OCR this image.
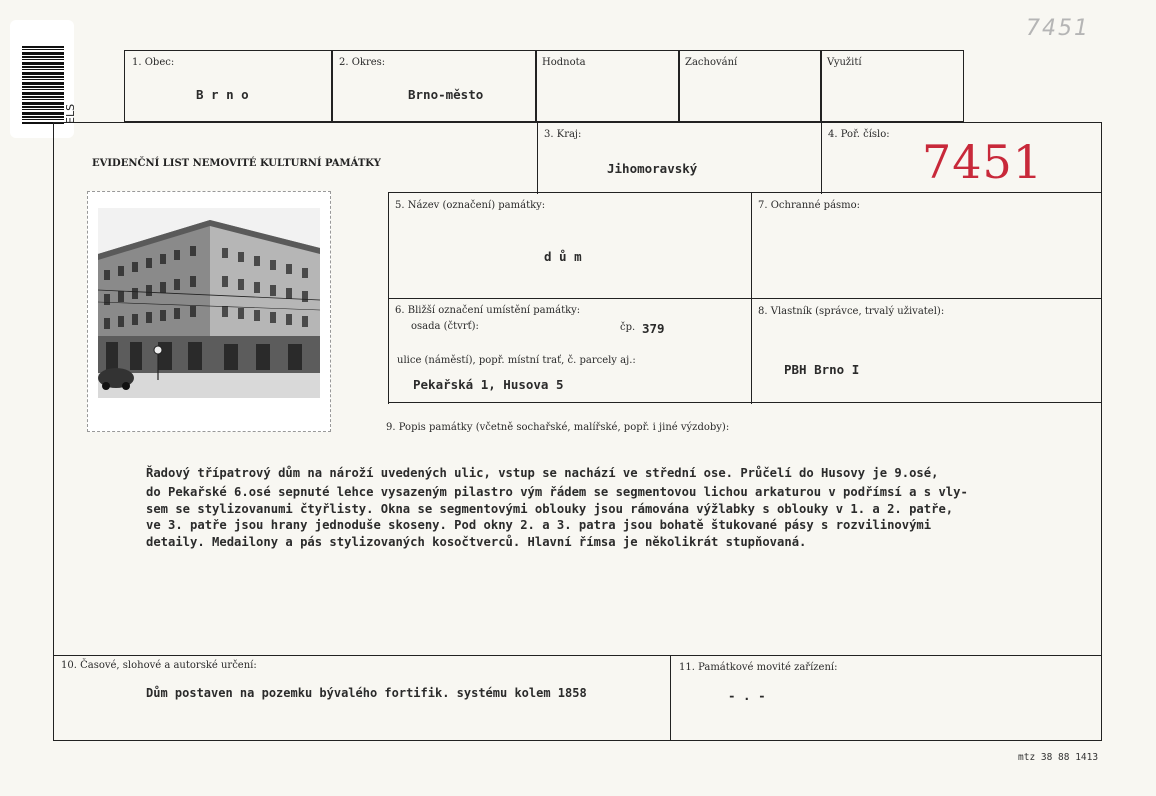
7451
ELS
1. Obec:
B r n o
2. Okres:
Brno-město
Hodnota	Zachování	Využití
EVIDENČNÍ LIST NEMOVITÉ KULTURNÍ PAMÁTKY
3. Kraj:
Jihomoravský
4. Poř. číslo:
7451
5. Název (označení) památky:
d ů m
7. Ochranné pásmo:
6. Bližší označení umístění památky:
osada (čtvrť):	čp. 379
ulice (náměstí), popř. místní trať, č. parcely aj.:
Pekařská 1, Husova 5
8. Vlastník (správce, trvalý uživatel):
PBH Brno I
9. Popis památky (včetně sochařské, malířské, popř. i jiné výzdoby):
Řadový třípatrový dům na nároží uvedených ulic, vstup se nachází ve střední ose. Průčelí do Husovy je 9.osé,
do Pekařské 6.osé sepnuté lehce vysazeným pilastro vým řádem se segmentovou lichou arkaturou v podřímsí a s vly-
sem se stylizovanumi čtyřlisty. Okna se segmentovými oblouky jsou rámována výžlabky s oblouky v 1. a 2. patře,
ve 3. patře jsou hrany jednoduše skoseny. Pod okny 2. a 3. patra jsou bohatě štukované pásy s rozvilinovými
detaily. Medailony a pás stylizovaných kosočtverců. Hlavní římsa je několikrát stupňovaná.
10. Časové, slohové a autorské určení:
Dům postaven na pozemku bývalého fortifik. systému kolem 1858
11. Památkové movité zařízení:
- . -
mtz 38 88 1413
